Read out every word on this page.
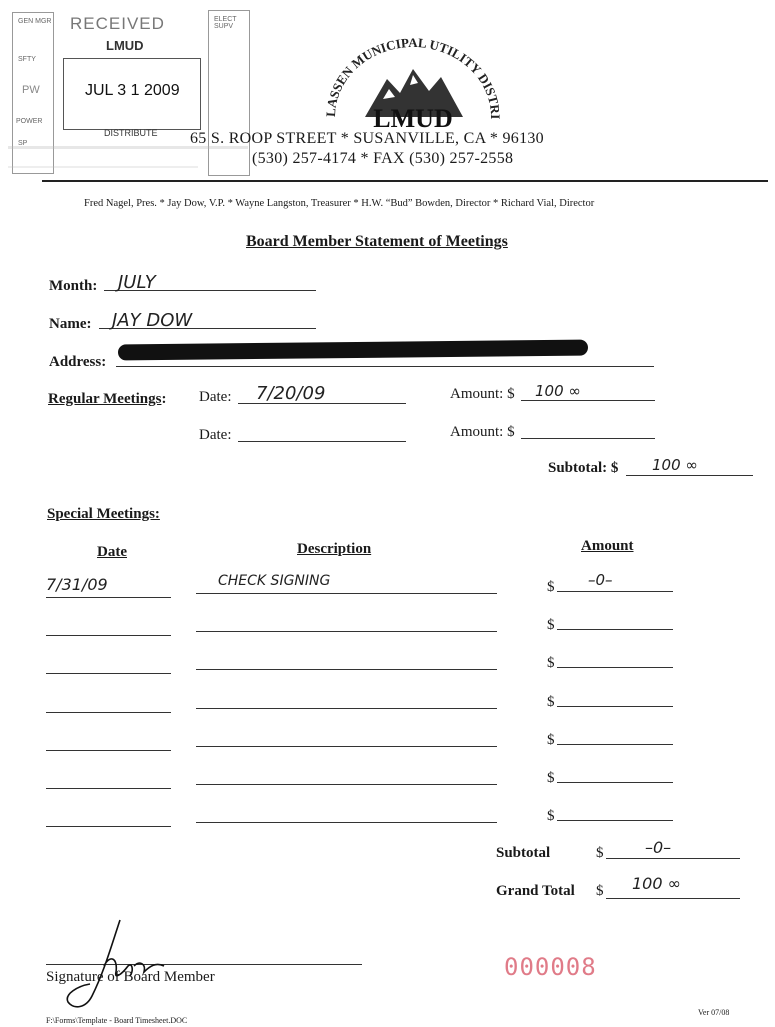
GEN MGR
SFTY
PW
POWER
SP
RECEIVED
LMUD
JUL 3 1 2009
DISTRIBUTE
ELECT SUPV
ASSEN MUNICIPAL UTILITY DIST
LMUD
65 S. ROOP STREET * SUSANVILLE, CA * 96130
(530) 257-4174 * FAX (530) 257-2558
Fred Nagel, Pres. * Jay Dow, V.P. * Wayne Langston, Treasurer * H.W. “Bud” Bowden, Director * Richard Vial, Director
Board Member Statement of Meetings
Month: JULY
Name: JAY DOW
Address:
Regular Meetings: Date: 7/20/09	Amount: $ 100 ∞
Date:	Amount: $
Subtotal: $ 100 ∞
Special Meetings:
Date	Description	Amount
$
7/31/09	CHECK SIGNING	–0–
$
$
$
$
$
$
Subtotal	$	–0–
Grand Total $ 100 ∞
Signature of Board Member	000008
Ver 07/08
F:\Forms\Template - Board Timesheet.DOC
